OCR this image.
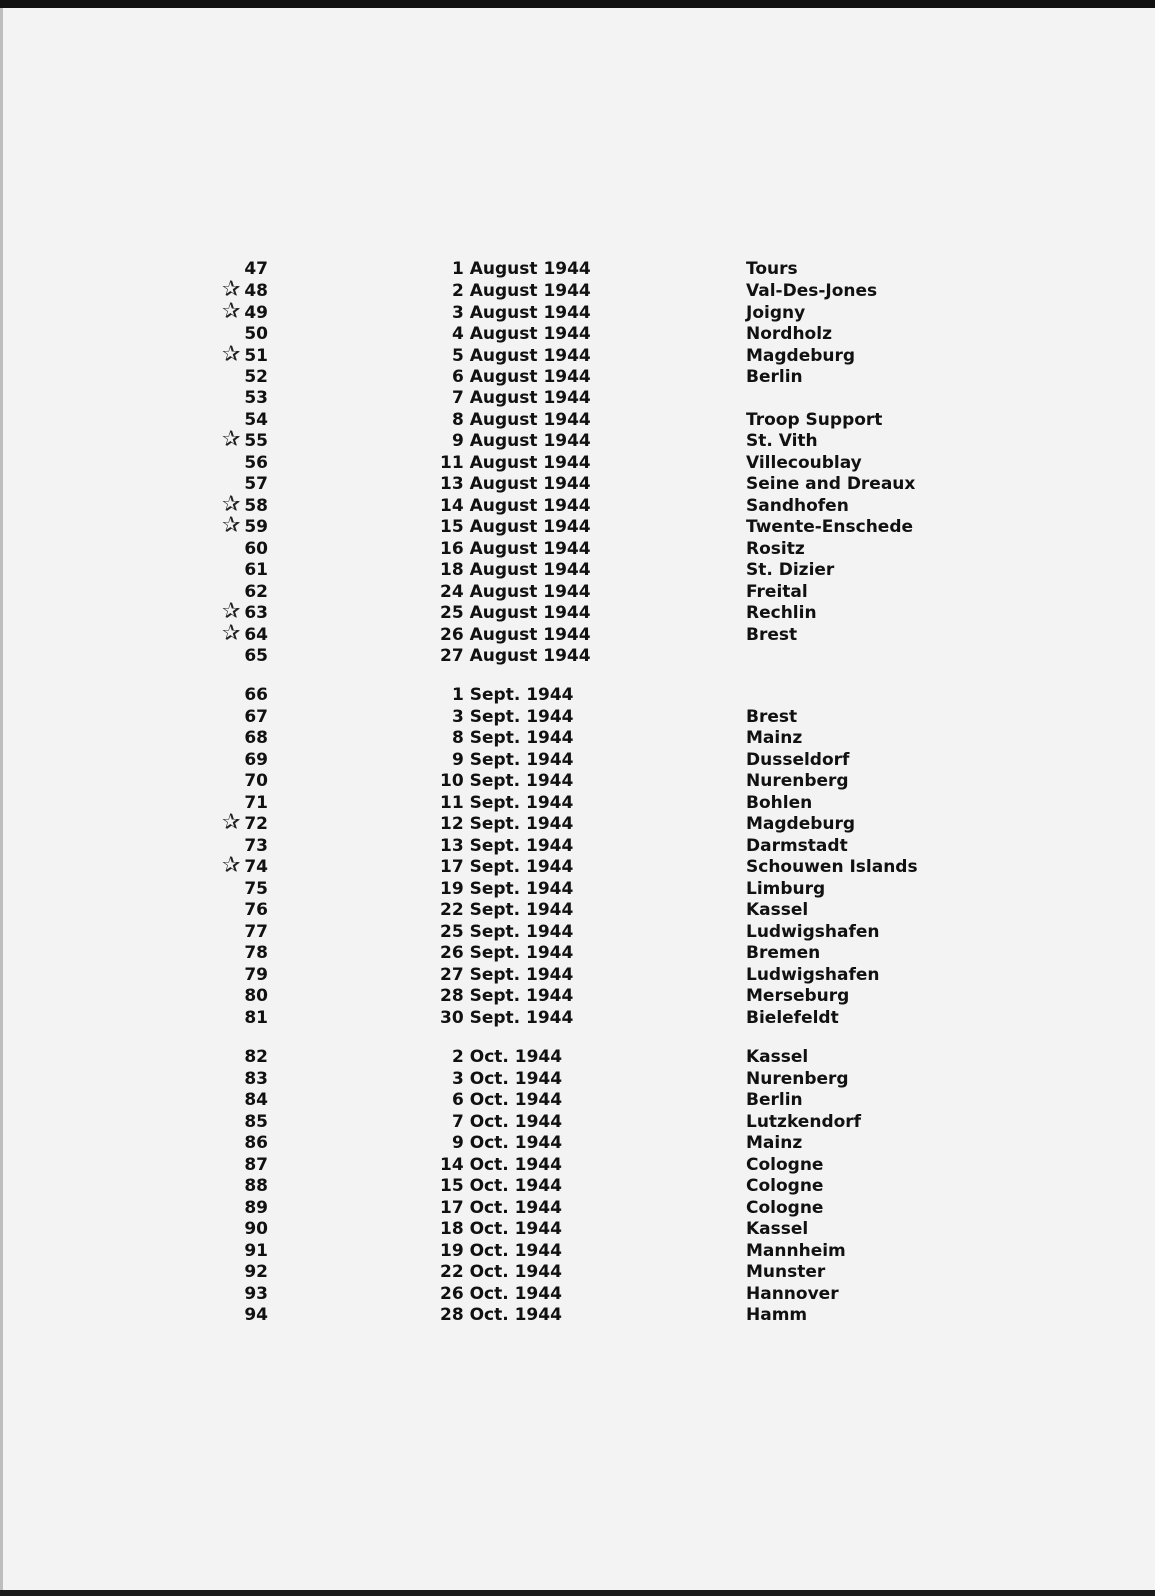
47	1 August 1944	Tours
✰ 48	2 August 1944	Val-Des-Jones
✰ 49	3 August 1944	Joigny
50	4 August 1944	Nordholz
✰ 51	5 August 1944	Magdeburg
52	6 August 1944	Berlin
53	7 August 1944
54	8 August 1944	Troop Support
✰ 55	9 August 1944	St. Vith
56	11 August 1944	Villecoublay
57	13 August 1944	Seine and Dreaux
✰ 58	14 August 1944	Sandhofen
✰ 59	15 August 1944	Twente-Enschede
60	16 August 1944	Rositz
61	18 August 1944	St. Dizier
62	24 August 1944	Freital
✰ 63	25 August 1944	Rechlin
✰ 64	26 August 1944	Brest
65	27 August 1944
66	1 Sept. 1944
67	3 Sept. 1944	Brest
68	8 Sept. 1944	Mainz
69	9 Sept. 1944	Dusseldorf
70	10 Sept. 1944	Nurenberg
71	11 Sept. 1944	Bohlen
✰ 72	12 Sept. 1944	Magdeburg
73	13 Sept. 1944	Darmstadt
✰ 74	17 Sept. 1944	Schouwen Islands
75	19 Sept. 1944	Limburg
76	22 Sept. 1944	Kassel
77	25 Sept. 1944	Ludwigshafen
78	26 Sept. 1944	Bremen
79	27 Sept. 1944	Ludwigshafen
80	28 Sept. 1944	Merseburg
81	30 Sept. 1944	Bielefeldt
82	2 Oct. 1944	Kassel
83	3 Oct. 1944	Nurenberg
84	6 Oct. 1944	Berlin
85	7 Oct. 1944	Lutzkendorf
86	9 Oct. 1944	Mainz
87	14 Oct. 1944	Cologne
88	15 Oct. 1944	Cologne
89	17 Oct. 1944	Cologne
90	18 Oct. 1944	Kassel
91	19 Oct. 1944	Mannheim
92	22 Oct. 1944	Munster
93	26 Oct. 1944	Hannover
94	28 Oct. 1944	Hamm
